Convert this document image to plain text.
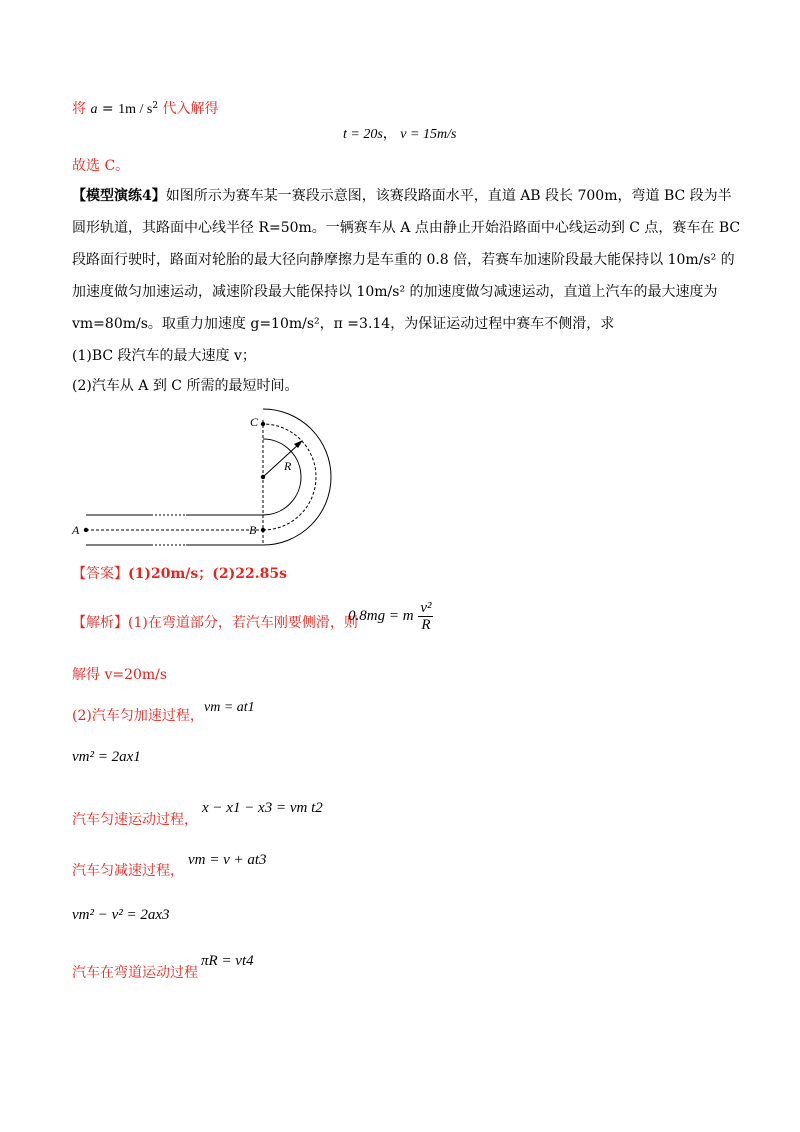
将 $a = 1m / s^2$ 代入解得
t = 20s， v = 15m/s
故选 C。
【模型演练4】如图所示为赛车某一赛段示意图，该赛段路面水平，直道 AB 段长 700m，弯道 BC 段为半
圆形轨道，其路面中心线半径 R=50m。一辆赛车从 A 点由静止开始沿路面中心线运动到 C 点，赛车在 BC
段路面行驶时，路面对轮胎的最大径向静摩擦力是车重的 0.8 倍，若赛车加速阶段最大能保持以 10m/s² 的
加速度做匀加速运动，减速阶段最大能保持以 10m/s² 的加速度做匀减速运动，直道上汽车的最大速度为
vm=80m/s。取重力加速度 g=10m/s²，π =3.14，为保证运动过程中赛车不侧滑，求
(1)BC 段汽车的最大速度 v；
(2)汽车从 A 到 C 所需的最短时间。
A	B
C
R
【答案】(1)20m/s；(2)22.85s
【解析】(1)在弯道部分，若汽车刚要侧滑，则
0.8mg = m $\frac{\text{v²}}{R}$
解得 v=20m/s
(2)汽车匀加速过程，
vm = at1
vm² = 2ax1
汽车匀速运动过程，
x − x1 − x3 = vm t2
汽车匀减速过程，
vm = v + at3
vm² − v² = 2ax3
汽车在弯道运动过程
πR = vt4
